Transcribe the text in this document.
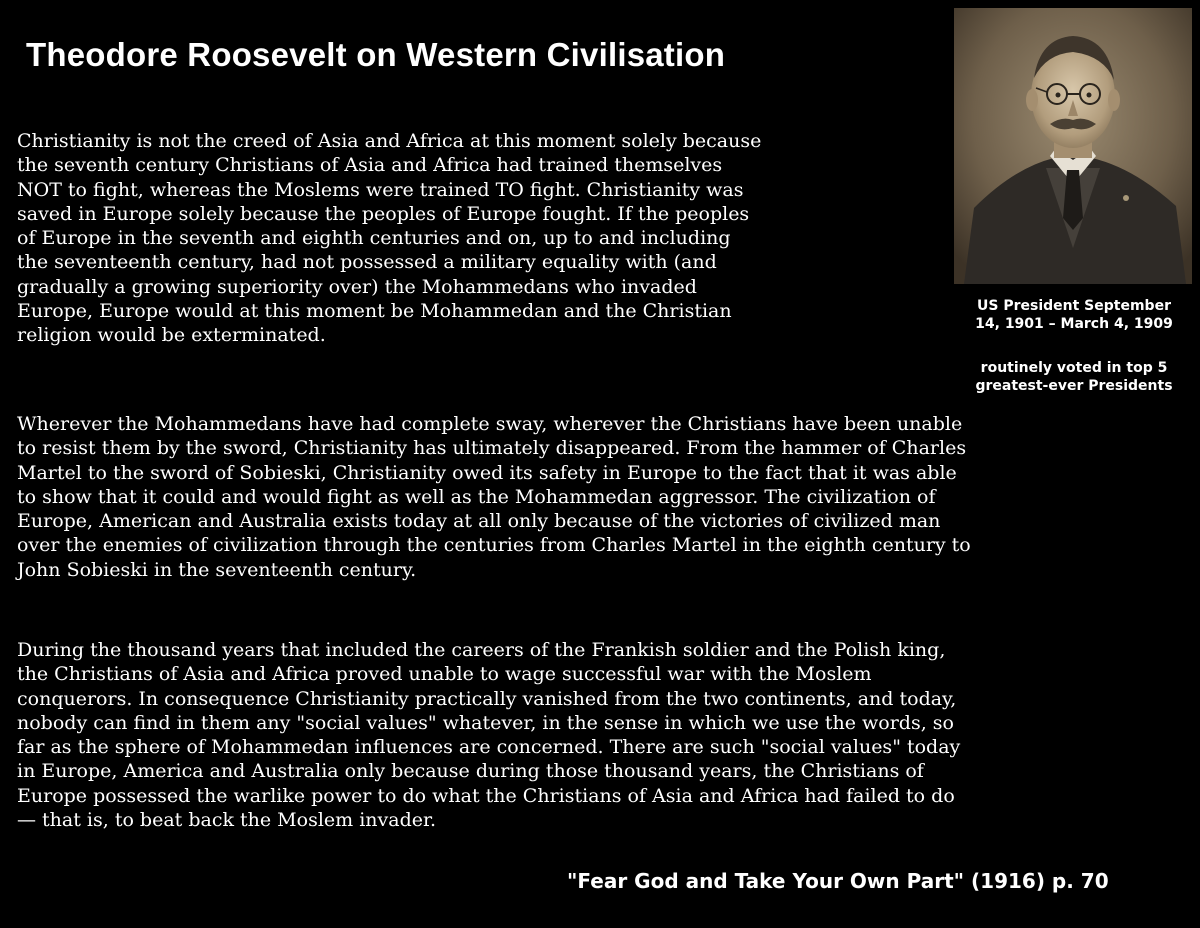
Theodore Roosevelt on Western Civilisation
US President September
14, 1901 – March 4, 1909
routinely voted in top 5
greatest-ever Presidents
Christianity is not the creed of Asia and Africa at this moment solely because
the seventh century Christians of Asia and Africa had trained themselves
NOT to fight, whereas the Moslems were trained TO fight. Christianity was
saved in Europe solely because the peoples of Europe fought. If the peoples
of Europe in the seventh and eighth centuries and on, up to and including
the seventeenth century, had not possessed a military equality with (and
gradually a growing superiority over) the Mohammedans who invaded
Europe, Europe would at this moment be Mohammedan and the Christian
religion would be exterminated.
Wherever the Mohammedans have had complete sway, wherever the Christians have been unable
to resist them by the sword, Christianity has ultimately disappeared. From the hammer of Charles
Martel to the sword of Sobieski, Christianity owed its safety in Europe to the fact that it was able
to show that it could and would fight as well as the Mohammedan aggressor. The civilization of
Europe, American and Australia exists today at all only because of the victories of civilized man
over the enemies of civilization through the centuries from Charles Martel in the eighth century to
John Sobieski in the seventeenth century.
During the thousand years that included the careers of the Frankish soldier and the Polish king,
the Christians of Asia and Africa proved unable to wage successful war with the Moslem
conquerors. In consequence Christianity practically vanished from the two continents, and today,
nobody can find in them any "social values" whatever, in the sense in which we use the words, so
far as the sphere of Mohammedan influences are concerned. There are such "social values" today
in Europe, America and Australia only because during those thousand years, the Christians of
Europe possessed the warlike power to do what the Christians of Asia and Africa had failed to do
— that is, to beat back the Moslem invader.
"Fear God and Take Your Own Part" (1916) p. 70
